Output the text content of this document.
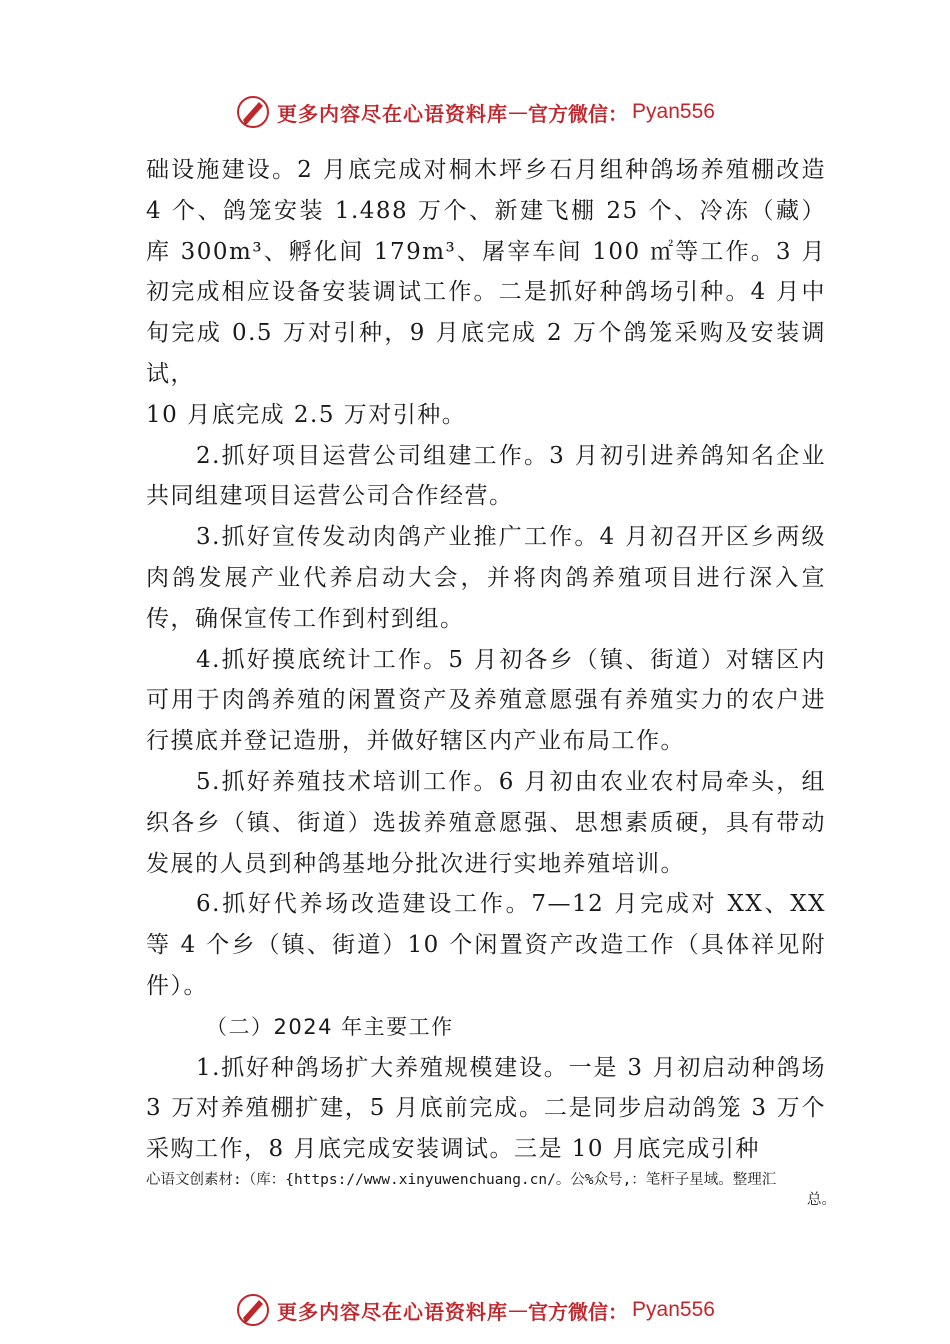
更多内容尽在心语资料库 — 官方微信： Pyan556

础设施建设。2 月底完成对桐木坪乡石月组种鸽场养殖棚改造 4 个、鸽笼安装 1.488 万个、新建飞棚 25 个、冷冻（藏） 库 300m³、孵化间 179m³、屠宰车间 100 ㎡等工作。3 月初完成相应设备安装调试工作。二是抓好种鸽场引种。4 月中旬完成 0.5 万对引种，9 月底完成 2 万个鸽笼采购及安装调试，

10 月底完成 2.5 万对引种。

2.抓好项目运营公司组建工作。3 月初引进养鸽知名企业共同组建项目运营公司合作经营。

3.抓好宣传发动肉鸽产业推广工作。4 月初召开区乡两级肉鸽发展产业代养启动大会，并将肉鸽养殖项目进行深入宣传，确保宣传工作到村到组。

4.抓好摸底统计工作。5 月初各乡（镇、街道）对辖区内可用于肉鸽养殖的闲置资产及养殖意愿强有养殖实力的农户进行摸底并登记造册，并做好辖区内产业布局工作。

5.抓好养殖技术培训工作。6 月初由农业农村局牵头，组织各乡（镇、街道）选拔养殖意愿强、思想素质硬，具有带动发展的人员到种鸽基地分批次进行实地养殖培训。

6.抓好代养场改造建设工作。7—12 月完成对 XX、XX 等 4 个乡（镇、街道）10 个闲置资产改造工作（具体祥见附件）。

（二）2024 年主要工作

1.抓好种鸽场扩大养殖规模建设。一是 3 月初启动种鸽场 3 万对养殖棚扩建，5 月底前完成。二是同步启动鸽笼 3 万个采购工作，8 月底完成安装调试。三是 10 月底完成引种

心语文创素材:（库：{https://www.xinyuwenchuang.cn/。公%众号,：笔杆子星域。整理汇
总。
更多内容尽在心语资料库 — 官方微信： Pyan556
